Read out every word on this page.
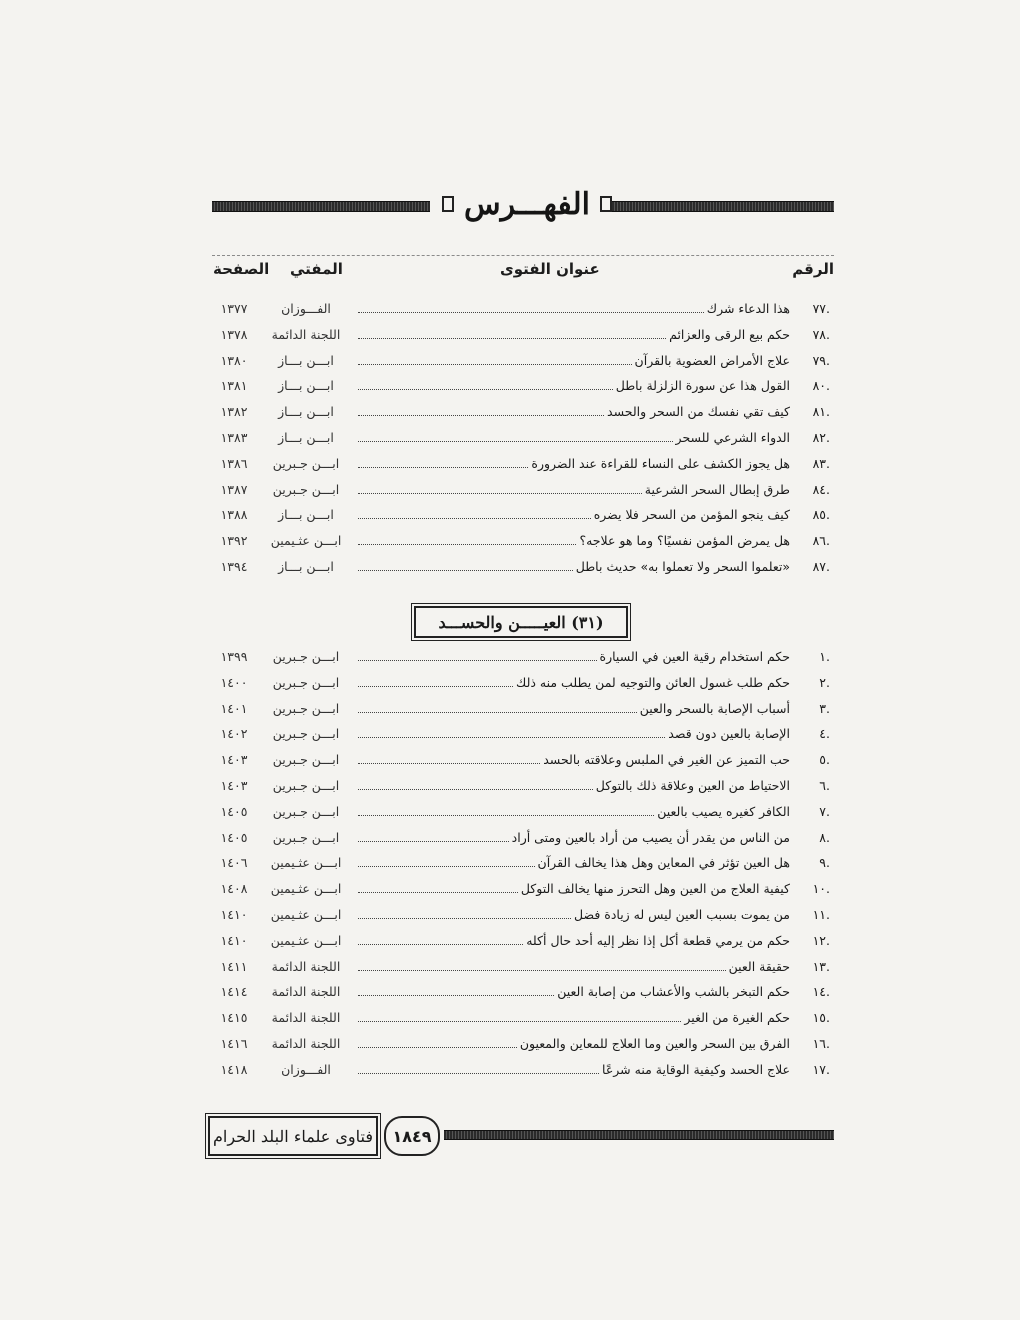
الفهـــرس
الرقم
عنوان الفتوى
المفتي
الصفحة
٧٧.
هذا الدعاء شرك
الفـــوزان
١٣٧٧
٧٨.
حكم بيع الرقى والعزائم
اللجنة الدائمة
١٣٧٨
٧٩.
علاج الأمراض العضوية بالقرآن
ابـــن بـــاز
١٣٨٠
٨٠.
القول هذا عن سورة الزلزلة باطل
ابـــن بـــاز
١٣٨١
٨١.
كيف تقي نفسك من السحر والحسد
ابـــن بـــاز
١٣٨٢
٨٢.
الدواء الشرعي للسحر
ابـــن بـــاز
١٣٨٣
٨٣.
هل يجوز الكشف على النساء للقراءة عند الضرورة
ابـــن جـبرين
١٣٨٦
٨٤.
طرق إبطال السحر الشرعية
ابـــن جـبرين
١٣٨٧
٨٥.
كيف ينجو المؤمن من السحر فلا يضره
ابـــن بـــاز
١٣٨٨
٨٦.
هل يمرض المؤمن نفسيًا؟ وما هو علاجه؟
ابـــن عثـيمين
١٣٩٢
٨٧.
«تعلموا السحر ولا تعملوا به» حديث باطل
ابـــن بـــاز
١٣٩٤
(٣١) العيـــــن والحســـد
١.
حكم استخدام رقية العين في السيارة
ابـــن جـبرين
١٣٩٩
٢.
حكم طلب غسول العائن والتوجيه لمن يطلب منه ذلك
ابـــن جـبرين
١٤٠٠
٣.
أسباب الإصابة بالسحر والعين
ابـــن جـبرين
١٤٠١
٤.
الإصابة بالعين دون قصد
ابـــن جـبرين
١٤٠٢
٥.
حب التميز عن الغير في الملبس وعلاقته بالحسد
ابـــن جـبرين
١٤٠٣
٦.
الاحتياط من العين وعلاقة ذلك بالتوكل
ابـــن جـبرين
١٤٠٣
٧.
الكافر كغيره يصيب بالعين
ابـــن جـبرين
١٤٠٥
٨.
من الناس من يقدر أن يصيب من أراد بالعين ومتى أراد
ابـــن جـبرين
١٤٠٥
٩.
هل العين تؤثر في المعاين وهل هذا يخالف القرآن
ابـــن عثـيمين
١٤٠٦
١٠.
كيفية العلاج من العين وهل التحرز منها يخالف التوكل
ابـــن عثـيمين
١٤٠٨
١١.
من يموت بسبب العين ليس له زيادة فضل
ابـــن عثـيمين
١٤١٠
١٢.
حكم من يرمي قطعة أكل إذا نظر إليه أحد حال أكله
ابـــن عثـيمين
١٤١٠
١٣.
حقيقة العين
اللجنة الدائمة
١٤١١
١٤.
حكم التبخر بالشب والأعشاب من إصابة العين
اللجنة الدائمة
١٤١٤
١٥.
حكم الغيرة من الغير
اللجنة الدائمة
١٤١٥
١٦.
الفرق بين السحر والعين وما العلاج للمعاين والمعيون
اللجنة الدائمة
١٤١٦
١٧.
علاج الحسد وكيفية الوقاية منه شرعًا
الفـــوزان
١٤١٨
فتاوى علماء البلد الحرام	١٨٤٩
